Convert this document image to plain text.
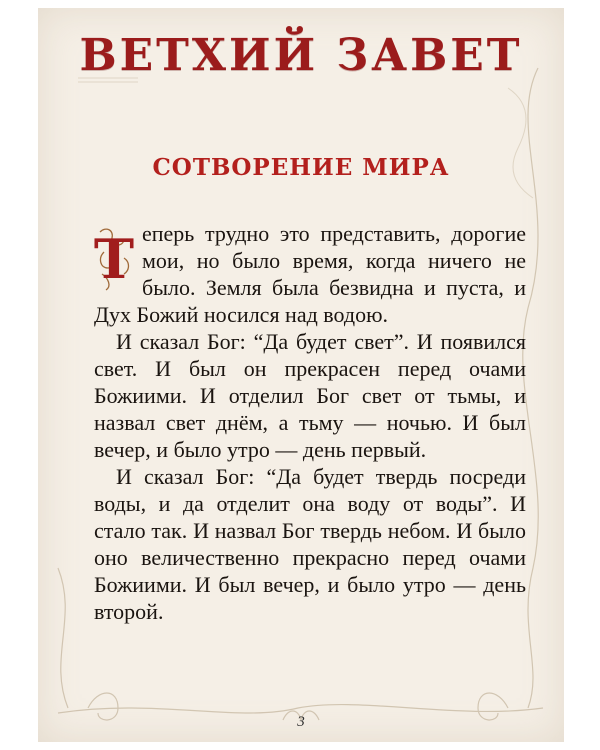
ВЕТХИЙ ЗАВЕТ
СОТВОРЕНИЕ МИРА

Т еперь трудно это представить, дорогие мои, но было время, когда ничего не было. Земля была безвидна и пуста, и Дух Божий носился над водою.

И сказал Бог: “Да будет свет”. И появился свет. И был он прекрасен перед очами Божиими. И отделил Бог свет от тьмы, и назвал свет днём, а тьму — ночью. И был вечер, и было утро — день первый.

И сказал Бог: “Да будет твердь посреди воды, и да отделит она воду от воды”. И стало так. И назвал Бог твердь небом. И было оно величественно прекрасно перед очами Божиими. И был вечер, и было утро — день второй.

3
